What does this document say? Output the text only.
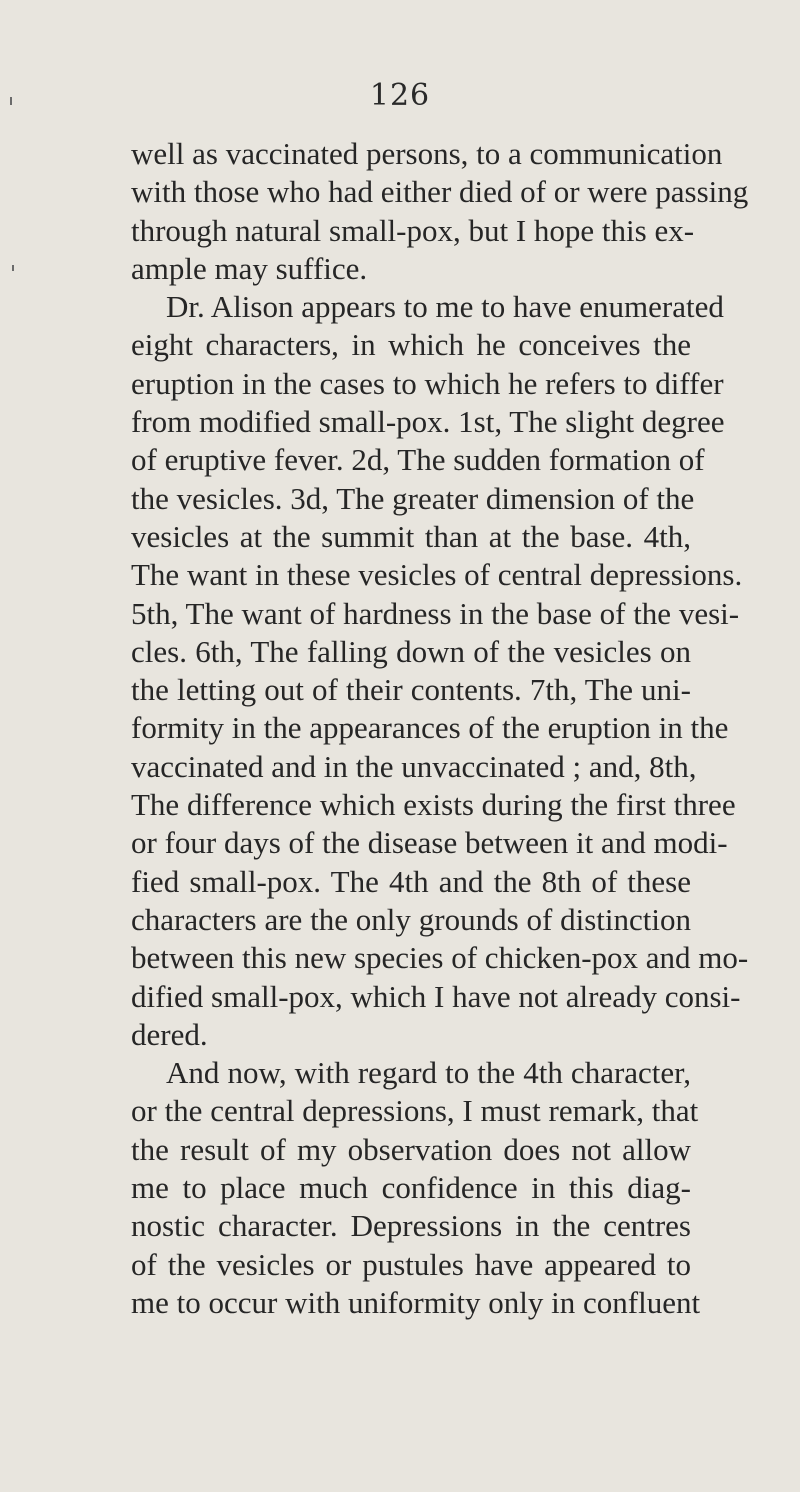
126
well as vaccinated persons, to a communication
with those who had either died of or were passing
through natural small-pox, but I hope this ex-
ample may suffice.
Dr. Alison appears to me to have enumerated
eight characters, in which he conceives the
eruption in the cases to which he refers to differ
from modified small-pox. 1st, The slight degree
of eruptive fever. 2d, The sudden formation of
the vesicles. 3d, The greater dimension of the
vesicles at the summit than at the base. 4th,
The want in these vesicles of central depressions.
5th, The want of hardness in the base of the vesi-
cles. 6th, The falling down of the vesicles on
the letting out of their contents. 7th, The uni-
formity in the appearances of the eruption in the
vaccinated and in the unvaccinated ; and, 8th,
The difference which exists during the first three
or four days of the disease between it and modi-
fied small-pox. The 4th and the 8th of these
characters are the only grounds of distinction
between this new species of chicken-pox and mo-
dified small-pox, which I have not already consi-
dered.
And now, with regard to the 4th character,
or the central depressions, I must remark, that
the result of my observation does not allow
me to place much confidence in this diag-
nostic character. Depressions in the centres
of the vesicles or pustules have appeared to
me to occur with uniformity only in confluent
